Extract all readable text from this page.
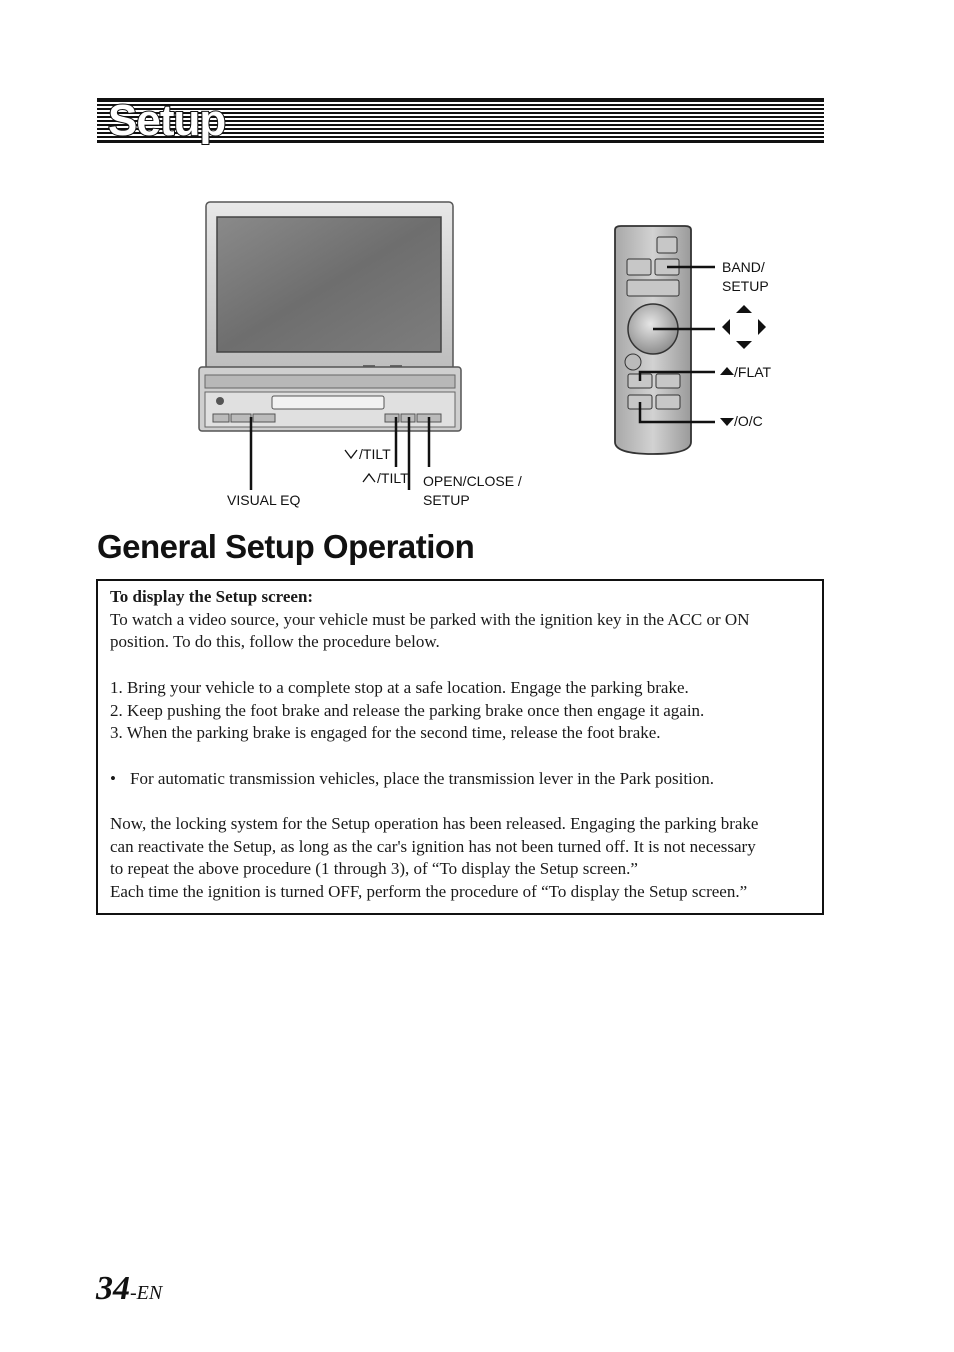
Setup
/TILT
/TILT
VISUAL EQ
OPEN/CLOSE /
SETUP
BAND/
SETUP
/FLAT
/O/C
General Setup Operation

To display the Setup screen:

To watch a video source, your vehicle must be parked with the ignition key in the ACC or ON

position. To do this, follow the procedure below.

1. Bring your vehicle to a complete stop at a safe location. Engage the parking brake.

2. Keep pushing the foot brake and release the parking brake once then engage it again.

3. When the parking brake is engaged for the second time, release the foot brake.

• For automatic transmission vehicles, place the transmission lever in the Park position.

Now, the locking system for the Setup operation has been released. Engaging the parking brake

can reactivate the Setup, as long as the car's ignition has not been turned off. It is not necessary

to repeat the above procedure (1 through 3), of “To display the Setup screen.”

Each time the ignition is turned OFF, perform the procedure of “To display the Setup screen.”

34-EN
